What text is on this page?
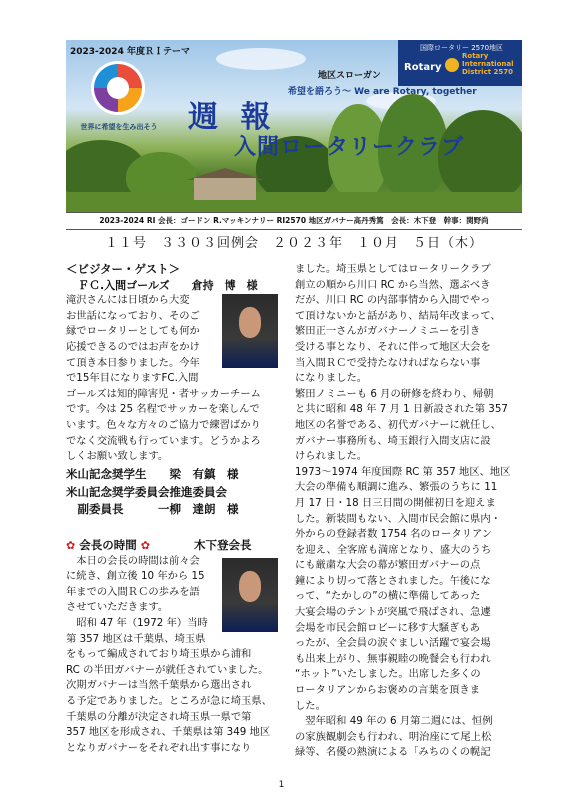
2023-2024 年度ＲＩテーマ
世界に希望を生み出そう
国際ロータリー 2570地区
Rotary
Rotary
International
District 2570
地区スローガン
希望を語ろう～ We are Rotary, together
週 報
入間ロータリークラブ
2023-2024 RI 会長：ゴードン R.マッキンナリー RI2570 地区ガバナー高丹秀篤　会長：木下登　幹事：関野尚
１１号　３３０３回例会　２０２３年　１０月　５日（木）

＜ビジター・ゲスト＞

ＦＣ.入間ゴールズ　　倉持　博　様

滝沢さんには日頃から大変

お世話になっており、そのご

縁でロータリーとしても何か

応援できるのではお声をかけ

て頂き本日参りました。今年

で15年目になりますFC.入間

ゴールズは知的障害児・者サッカーチーム

です。今は 25 名程でサッカーを楽しんで

います。色々な方々のご協力で練習ばかり

でなく交流戦も行っています。どうかよろ

しくお願い致します。

米山記念奨学生　　梁　有鎮　様
米山記念奨学委員会推進委員会
　副委員長　　　一柳　達朗　様

✿ 会長の時間 ✿	木下登会長

　本日の会長の時間は前々会

に続き、創立後 10 年から 15

年までの入間ＲＣの歩みを語

させていただきます。

　昭和 47 年（1972 年）当時

第 357 地区は千葉県、埼玉県

をもって編成されており埼玉県から浦和

RC の半田ガバナーが就任されていました。

次期ガバナーは当然千葉県から選出され

る予定でありました。ところが急に埼玉県、

千葉県の分離が決定され埼玉県一県で第

357 地区を形成され、千葉県は第 349 地区

となりガバナーをそれぞれ出す事になり

ました。埼玉県としてはロータリークラブ

創立の順から川口 RC から当然、選ぶべき

だが、川口 RC の内部事情から入間でやっ

て頂けないかと話があり、結局年改まって、

繁田正一さんがガバナーノミニーを引き

受ける事となり、それに伴って地区大会を

当入間ＲＣで受持たなければならない事

になりました。

繁田ノミニーも 6 月の研修を終わり、帰朝

と共に昭和 48 年 7 月 1 日新設された第 357

地区の名誉である、初代ガバナーに就任し、

ガバナー事務所も、埼玉銀行入間支店に設

けられました。

1973～1974 年度国際 RC 第 357 地区、地区

大会の準備も順調に進み、繁張のうちに 11

月 17 日・18 日三日間の開催初日を迎えま

した。新装間もない、入間市民会館に県内・

外からの登録者数 1754 名のロータリアン

を迎え、全客席も満席となり、盛大のうち

にも厳粛な大会の幕が繁田ガバナーの点

鐘により切って落とされました。午後にな

って、“たかしの”の横に準備してあった

大宴会場のテントが突風で飛ばされ、急遽

会場を市民会館ロビーに移す大騒ぎもあ

ったが、全会員の涙ぐましい活躍で宴会場

も出来上がり、無事親睦の晩餐会も行われ

“ホット”いたしました。出席した多くの

ロータリアンからお褒めの言葉を頂きま

した。

　翌年昭和 49 年の 6 月第二週には、恒例

の家族観劇会も行われ、明治座にて尾上松

緑等、名優の熱演による「みちのくの幌記

1
